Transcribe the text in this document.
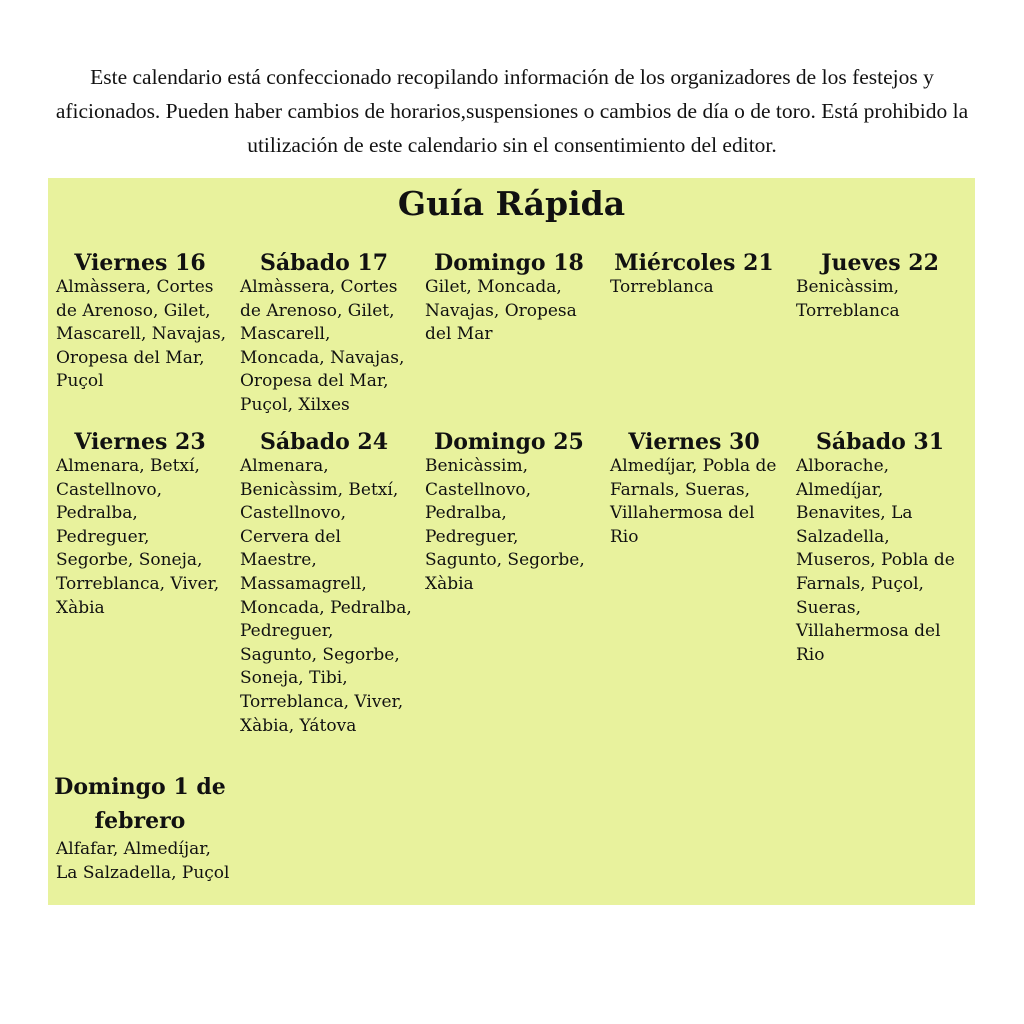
Este calendario está confeccionado recopilando información de los organizadores de los festejos y aficionados. Pueden haber cambios de horarios,suspensiones o cambios de día o de toro. Está prohibido la utilización de este calendario sin el consentimiento del editor.
Guía Rápida
Viernes 16
Almàssera, Cortes de Arenoso, Gilet, Mascarell, Navajas, Oropesa del Mar, Puçol
Sábado 17
Almàssera, Cortes de Arenoso, Gilet, Mascarell, Moncada, Navajas, Oropesa del Mar, Puçol, Xilxes
Domingo 18
Gilet, Moncada, Navajas, Oropesa del Mar
Miércoles 21
Torreblanca
Jueves 22
Benicàssim, Torreblanca
Viernes 23
Almenara, Betxí, Castellnovo, Pedralba, Pedreguer, Segorbe, Soneja, Torreblanca, Viver, Xàbia
Sábado 24
Almenara, Benicàssim, Betxí, Castellnovo, Cervera del Maestre, Massamagrell, Moncada, Pedralba, Pedreguer, Sagunto, Segorbe, Soneja, Tibi, Torreblanca, Viver, Xàbia, Yátova
Domingo 25
Benicàssim, Castellnovo, Pedralba, Pedreguer, Sagunto, Segorbe, Xàbia
Viernes 30
Almedíjar, Pobla de Farnals, Sueras, Villahermosa del Rio
Sábado 31
Alborache, Almedíjar, Benavites, La Salzadella, Museros, Pobla de Farnals, Puçol, Sueras, Villahermosa del Rio
Domingo 1 de febrero
Alfafar, Almedíjar, La Salzadella, Puçol
